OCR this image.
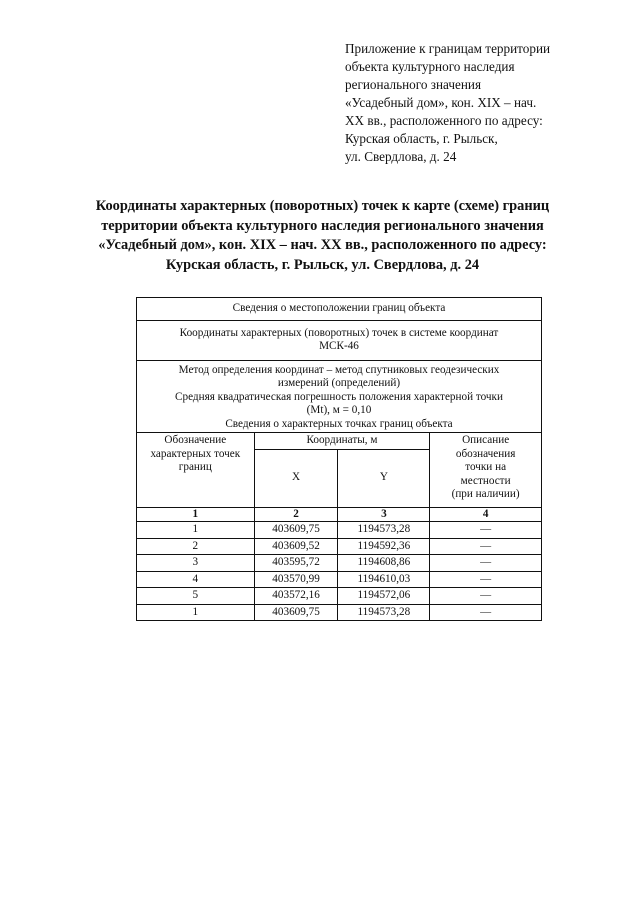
Приложение к границам территории
объекта культурного наследия
регионального значения
«Усадебный дом», кон. XIX – нач.
XX вв., расположенного по адресу:
Курская область, г. Рыльск,
ул. Свердлова, д. 24
Координаты характерных (поворотных) точек к карте (схеме) границ
территории объекта культурного наследия регионального значения
«Усадебный дом», кон. XIX – нач. XX вв., расположенного по адресу:
Курская область, г. Рыльск, ул. Свердлова, д. 24
Сведения о местоположении границ объекта			

Координаты характерных (поворотных) точек в системе координат
МСК-46			

Метод определения координат – метод спутниковых геодезических
измерений (определений)
Средняя квадратическая погрешность положения характерной точки
(Mt), м = 0,10
Сведения о характерных точках границ объекта			

Обозначение
характерных точек
границ	Координаты, м		Описание
обозначения
точки на
местности
(при наличии)

	X	Y	
1	2	3	4
1	403609,75	1194573,28	—
2	403609,52	1194592,36	—
3	403595,72	1194608,86	—
4	403570,99	1194610,03	—
5	403572,16	1194572,06	—
1	403609,75	1194573,28	—
